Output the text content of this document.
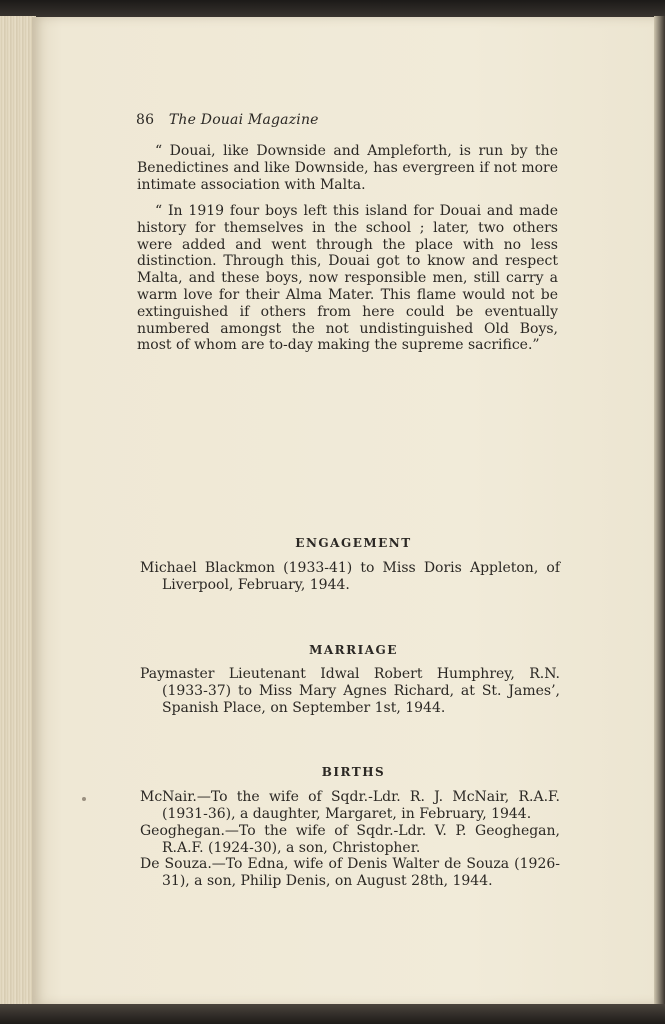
86 The Douai Magazine
“ Douai, like Downside and Ampleforth, is run by the Benedictines and like Downside, has evergreen if not more intimate association with Malta.
“ In 1919 four boys left this island for Douai and made history for themselves in the school ; later, two others were added and went through the place with no less distinction. Through this, Douai got to know and respect Malta, and these boys, now responsible men, still carry a warm love for their Alma Mater. This flame would not be extinguished if others from here could be eventually numbered amongst the not undistinguished Old Boys, most of whom are to-day making the supreme sacrifice.”
ENGAGEMENT
Michael Blackmon (1933-41) to Miss Doris Appleton, of Liverpool, February, 1944.
MARRIAGE
Paymaster Lieutenant Idwal Robert Humphrey, R.N. (1933-37) to Miss Mary Agnes Richard, at St. James’, Spanish Place, on September 1st, 1944.
BIRTHS
McNair.—To the wife of Sqdr.-Ldr. R. J. McNair, R.A.F. (1931-36), a daughter, Margaret, in February, 1944.
Geoghegan.—To the wife of Sqdr.-Ldr. V. P. Geoghegan, R.A.F. (1924-30), a son, Christopher.
De Souza.—To Edna, wife of Denis Walter de Souza (1926-31), a son, Philip Denis, on August 28th, 1944.
